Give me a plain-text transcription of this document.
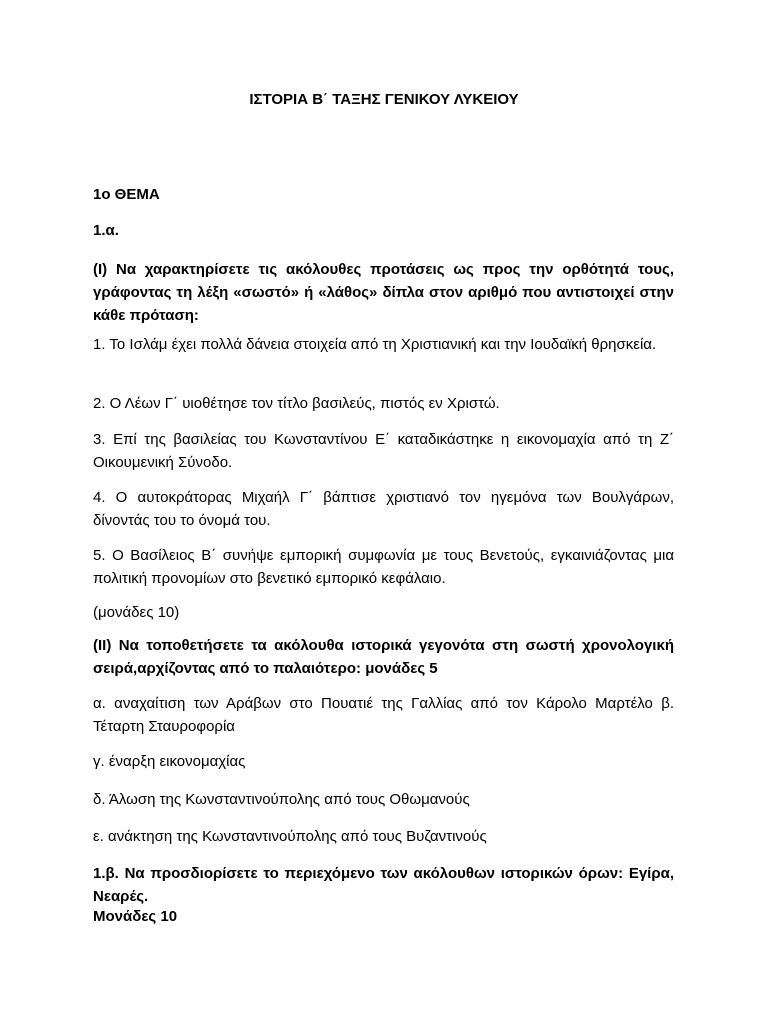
ΙΣΤΟΡΙΑ Β΄ ΤΑΞΗΣ ΓΕΝΙΚΟΥ ΛΥΚΕΙΟΥ

1ο ΘΕΜΑ

1.α.

(Ι) Να χαρακτηρίσετε τις ακόλουθες προτάσεις ως προς την ορθότητά τους, γράφοντας τη λέξη «σωστό» ή «λάθος» δίπλα στον αριθμό που αντιστοιχεί στην κάθε πρόταση:

1. Το Ισλάμ έχει πολλά δάνεια στοιχεία από τη Χριστιανική και την Ιουδαϊκή θρησκεία.

2. Ο Λέων Γ΄ υιοθέτησε τον τίτλο βασιλεύς, πιστός εν Χριστώ.

3. Επί της βασιλείας του Κωνσταντίνου Ε΄ καταδικάστηκε η εικονομαχία από τη Ζ΄ Οικουμενική Σύνοδο.

4. Ο αυτοκράτορας Μιχαήλ Γ΄ βάπτισε χριστιανό τον ηγεμόνα των Βουλγάρων, δίνοντάς του το όνομά του.

5. Ο Βασίλειος Β΄ συνήψε εμπορική συμφωνία με τους Βενετούς, εγκαινιάζοντας μια πολιτική προνομίων στο βενετικό εμπορικό κεφάλαιο.

(μονάδες 10)

(ΙΙ) Να τοποθετήσετε τα ακόλουθα ιστορικά γεγονότα στη σωστή χρονολογική σειρά,αρχίζοντας από το παλαιότερο: μονάδες 5

α. αναχαίτιση των Αράβων στο Πουατιέ της Γαλλίας από τον Κάρολο Μαρτέλο β. Τέταρτη Σταυροφορία

γ. έναρξη εικονομαχίας

δ. Άλωση της Κωνσταντινούπολης από τους Οθωμανούς

ε. ανάκτηση της Κωνσταντινούπολης από τους Βυζαντινούς

1.β. Να προσδιορίσετε το περιεχόμενο των ακόλουθων ιστορικών όρων: Εγίρα, Νεαρές.

Μονάδες 10
